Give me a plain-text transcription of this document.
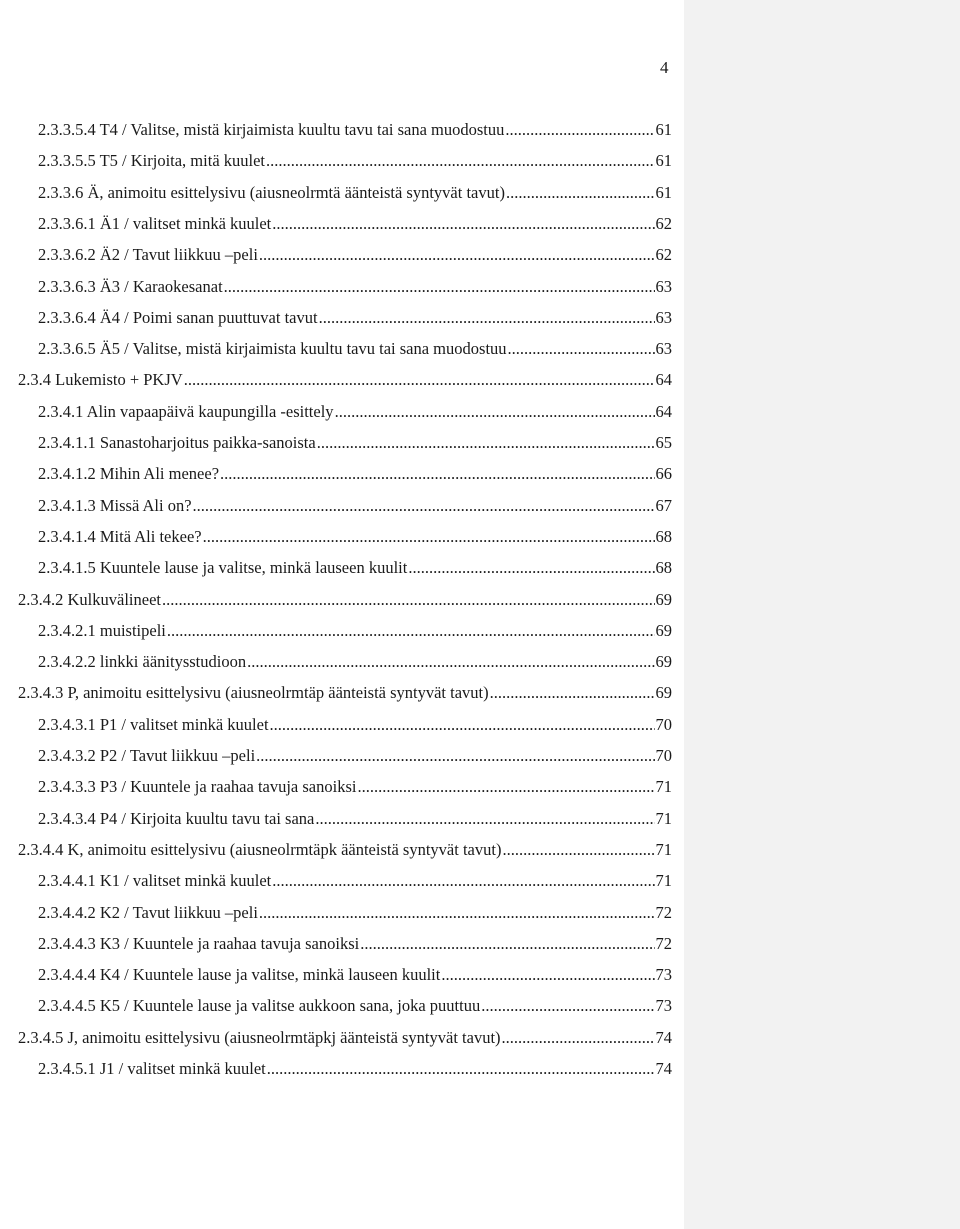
4
2.3.3.5.4 T4 / Valitse, mistä kirjaimista kuultu tavu tai sana muodostuu .....	61
2.3.3.5.5 T5 / Kirjoita, mitä kuulet .....	61
2.3.3.6 Ä, animoitu esittelysivu (aiusneolrmtä äänteistä syntyvät tavut) .....	61
2.3.3.6.1 Ä1 / valitset minkä kuulet .....	62
2.3.3.6.2 Ä2 / Tavut liikkuu –peli .....	62
2.3.3.6.3 Ä3 / Karaokesanat .....	63
2.3.3.6.4 Ä4 / Poimi sanan puuttuvat tavut .....	63
2.3.3.6.5 Ä5 / Valitse, mistä kirjaimista kuultu tavu tai sana muodostuu .....	63
2.3.4 Lukemisto + PKJV .....	64
2.3.4.1 Alin vapaapäivä kaupungilla -esittely .....	64
2.3.4.1.1 Sanastoharjoitus paikka-sanoista .....	65
2.3.4.1.2 Mihin Ali menee? .....	66
2.3.4.1.3 Missä Ali on? .....	67
2.3.4.1.4 Mitä Ali tekee? .....	68
2.3.4.1.5 Kuuntele lause ja valitse, minkä lauseen kuulit .....	68
2.3.4.2 Kulkuvälineet .....	69
2.3.4.2.1 muistipeli .....	69
2.3.4.2.2 linkki äänitysstudioon .....	69
2.3.4.3 P, animoitu esittelysivu (aiusneolrmtäp äänteistä syntyvät tavut) .....	69
2.3.4.3.1 P1 / valitset minkä kuulet .....	70
2.3.4.3.2 P2 / Tavut liikkuu –peli .....	70
2.3.4.3.3 P3 / Kuuntele ja raahaa tavuja sanoiksi .....	71
2.3.4.3.4 P4 / Kirjoita kuultu tavu tai sana .....	71
2.3.4.4 K, animoitu esittelysivu (aiusneolrmtäpk äänteistä syntyvät tavut) .....	71
2.3.4.4.1 K1 / valitset minkä kuulet .....	71
2.3.4.4.2 K2 / Tavut liikkuu –peli .....	72
2.3.4.4.3 K3 / Kuuntele ja raahaa tavuja sanoiksi .....	72
2.3.4.4.4 K4 / Kuuntele lause ja valitse, minkä lauseen kuulit .....	73
2.3.4.4.5 K5 / Kuuntele lause ja valitse aukkoon sana, joka puuttuu .....	73
2.3.4.5 J, animoitu esittelysivu (aiusneolrmtäpkj äänteistä syntyvät tavut) .....	74
2.3.4.5.1 J1 / valitset minkä kuulet .....	74
